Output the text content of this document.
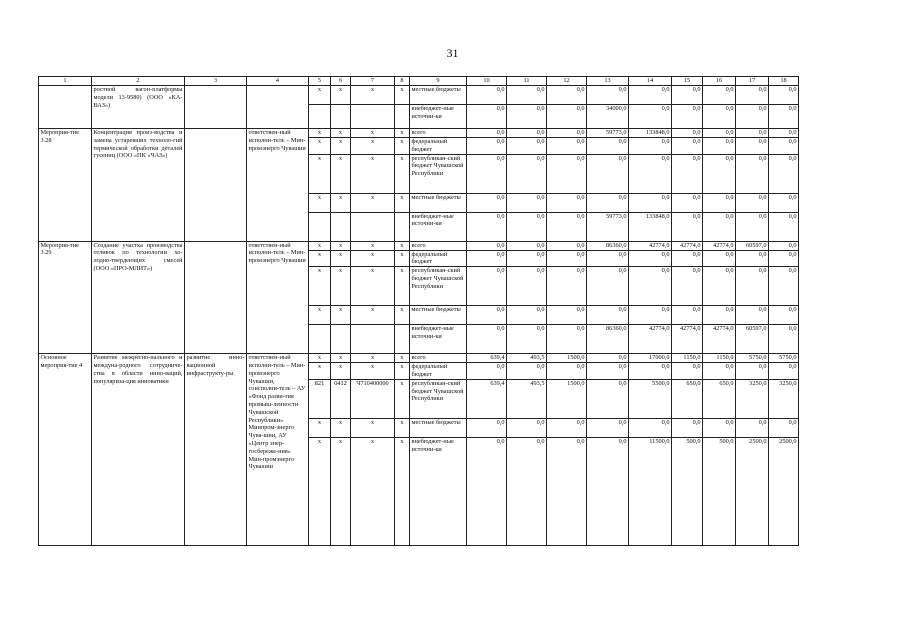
31
1	2	3	4	5	6	7	8	9	10	11	12	13	14	15	16	17	18
	ростной вагон-платформы модели 13-9580) (ООО «КА-ВАЗ»)			x	x	x	x	местные бюджеты	0,0	0,0	0,0	0,0	0,0	0,0	0,0	0,0	0,0
								внебюджет-ные источни-ки	0,0	0,0	0,0	34000,0	0,0	0,0	0,0	0,0	0,0
Мероприя-тие 3.28	Концентрация произ-водства и замена устаревших техноло-гий термической обработки деталей гусениц (ООО «ПК «ЧАЗ»)		ответствен-ный исполни-тель – Мин-промэнерго Чувашии	x	x	x	x	всего	0,0	0,0	0,0	59773,0	133848,0	0,0	0,0	0,0	0,0
				x	x	x	x	федеральный бюджет	0,0	0,0	0,0	0,0	0,0	0,0	0,0	0,0	0,0
				x	x	x	x	республикан-ский бюджет Чувашской Республики	0,0	0,0	0,0	0,0	0,0	0,0	0,0	0,0	0,0
				x	x	x	x	местные бюджеты	0,0	0,0	0,0	0,0	0,0	0,0	0,0	0,0	0,0
								внебюджет-ные источни-ки	0,0	0,0	0,0	59773,0	133848,0	0,0	0,0	0,0	0,0
Мероприя-тие 3.29	Создание участка производства отливок по технологии хо-лодно-твердеющих смесей (ООО «ПРО-МЛИТ»)		ответствен-ный исполни-тель – Мин-промэнерго Чувашии	x	x	x	x	всего	0,0	0,0	0,0	86360,0	42774,0	42774,0	42774,0	60597,0	0,0
				x	x	x	x	федеральный бюджет	0,0	0,0	0,0	0,0	0,0	0,0	0,0	0,0	0,0
				x	x	x	x	республикан-ский бюджет Чувашской Республики	0,0	0,0	0,0	0,0	0,0	0,0	0,0	0,0	0,0
				x	x	x	x	местные бюджеты	0,0	0,0	0,0	0,0	0,0	0,0	0,0	0,0	0,0
								внебюджет-ные источни-ки	0,0	0,0	0,0	86360,0	42774,0	42774,0	42774,0	60597,0	0,0
Основное мероприя-тие 4	Развитие межрегио-нального и междуна-родного сотрудниче-ства в области инно-ваций, популяриза-ция инноватики	развитие инно-вационной инфраструкту-ры	ответствен-ный исполни-тель – Мин-промэнерго Чувашии, соисполни-тель – АУ «Фонд разви-тия промыш-ленности Чувашской Республики» Минпром-энерго Чува-шии, АУ «Центр энер-госбереже-ния» Мин-промэнерго Чувашии	x	x	x	x	всего	639,4	493,5	1500,0	0,0	17000,0	1150,0	1150,0	5750,0	5750,0
				x	x	x	x	федеральный бюджет	0,0	0,0	0,0	0,0	0,0	0,0	0,0	0,0	0,0
				821	0412	Ч710400000	x	республикан-ский бюджет Чувашской Республики	639,4	493,5	1500,0	0,0	5500,0	650,0	650,0	3250,0	3250,0
				x	x	x	x	местные бюджеты	0,0	0,0	0,0	0,0	0,0	0,0	0,0	0,0	0,0
				x	x	x	x	внебюджет-ные источни-ки	0,0	0,0	0,0	0,0	11500,0	500,0	500,0	2500,0	2500,0
